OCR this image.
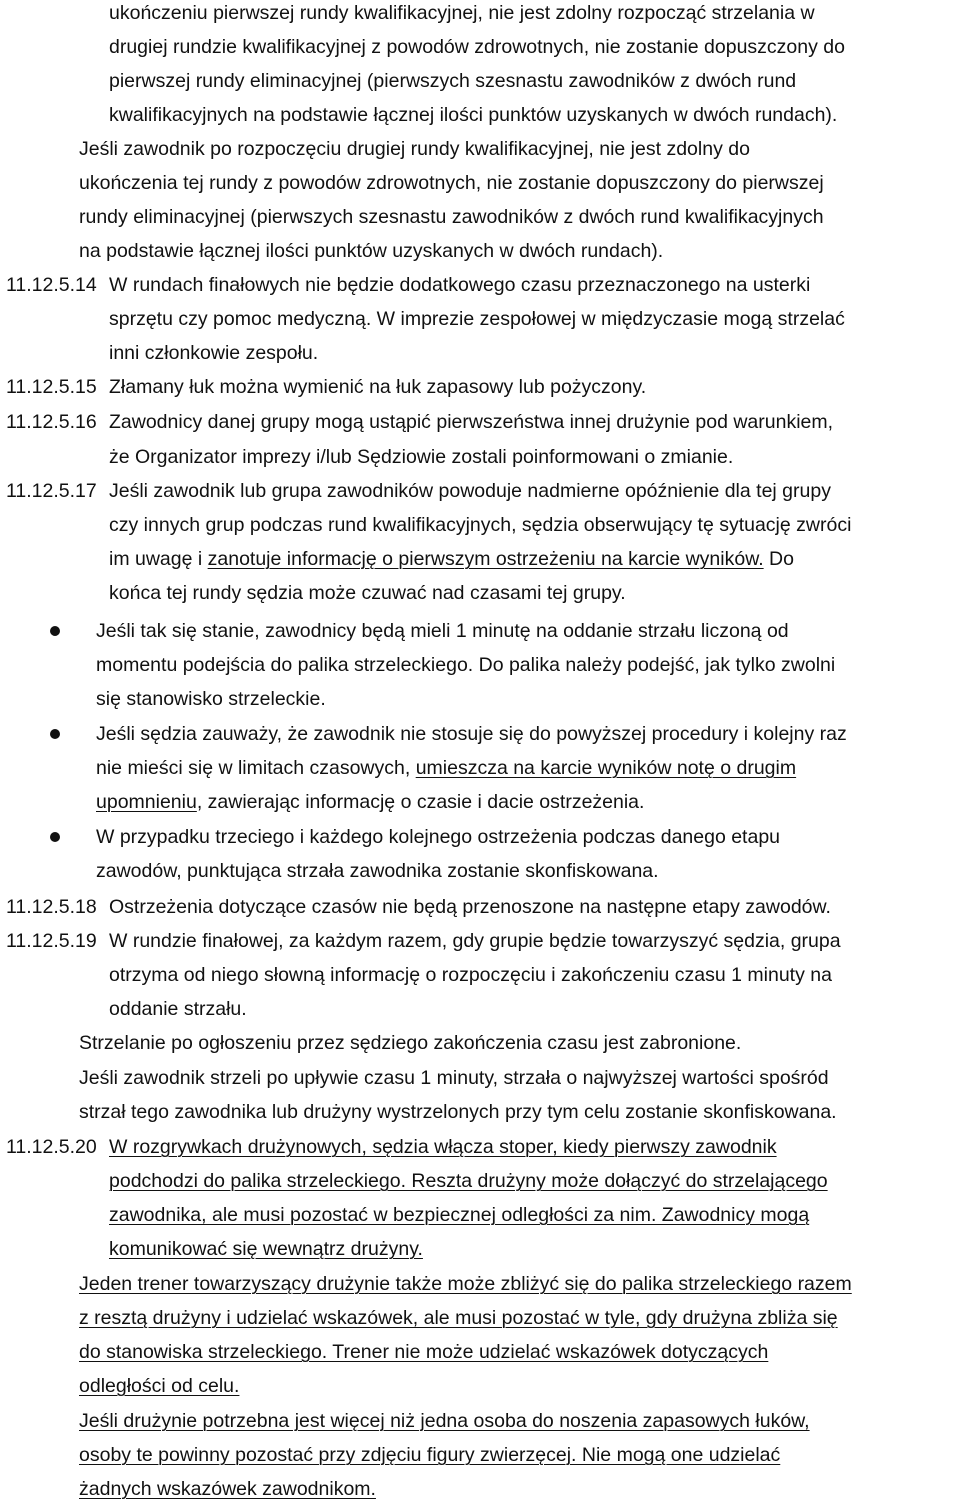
ukończeniu pierwszej rundy kwalifikacyjnej, nie jest zdolny rozpocząć strzelania w
drugiej rundzie kwalifikacyjnej z powodów zdrowotnych, nie zostanie dopuszczony do
pierwszej rundy eliminacyjnej (pierwszych szesnastu zawodników z dwóch rund
kwalifikacyjnych na podstawie łącznej ilości punktów uzyskanych w dwóch rundach).
Jeśli zawodnik po rozpoczęciu drugiej rundy kwalifikacyjnej, nie jest zdolny do
ukończenia tej rundy z powodów zdrowotnych, nie zostanie dopuszczony do pierwszej
rundy eliminacyjnej (pierwszych szesnastu zawodników z dwóch rund kwalifikacyjnych
na podstawie łącznej ilości punktów uzyskanych w dwóch rundach).
11.12.5.14 W rundach finałowych nie będzie dodatkowego czasu przeznaczonego na usterki
sprzętu czy pomoc medyczną. W imprezie zespołowej w międzyczasie mogą strzelać
inni członkowie zespołu.
11.12.5.15 Złamany łuk można wymienić na łuk zapasowy lub pożyczony.
11.12.5.16 Zawodnicy danej grupy mogą ustąpić pierwszeństwa innej drużynie pod warunkiem,
że Organizator imprezy i/lub Sędziowie zostali poinformowani o zmianie.
11.12.5.17 Jeśli zawodnik lub grupa zawodników powoduje nadmierne opóźnienie dla tej grupy
czy innych grup podczas rund kwalifikacyjnych, sędzia obserwujący tę sytuację zwróci
im uwagę i zanotuje informację o pierwszym ostrzeżeniu na karcie wyników. Do
końca tej rundy sędzia może czuwać nad czasami tej grupy.
Jeśli tak się stanie, zawodnicy będą mieli 1 minutę na oddanie strzału liczoną od
momentu podejścia do palika strzeleckiego. Do palika należy podejść, jak tylko zwolni
się stanowisko strzeleckie.
Jeśli sędzia zauważy, że zawodnik nie stosuje się do powyższej procedury i kolejny raz
nie mieści się w limitach czasowych, umieszcza na karcie wyników notę o drugim
upomnieniu, zawierając informację o czasie i dacie ostrzeżenia.
W przypadku trzeciego i każdego kolejnego ostrzeżenia podczas danego etapu
zawodów, punktująca strzała zawodnika zostanie skonfiskowana.
11.12.5.18 Ostrzeżenia dotyczące czasów nie będą przenoszone na następne etapy zawodów.
11.12.5.19 W rundzie finałowej, za każdym razem, gdy grupie będzie towarzyszyć sędzia, grupa
otrzyma od niego słowną informację o rozpoczęciu i zakończeniu czasu 1 minuty na
oddanie strzału.
Strzelanie po ogłoszeniu przez sędziego zakończenia czasu jest zabronione.
Jeśli zawodnik strzeli po upływie czasu 1 minuty, strzała o najwyższej wartości spośród
strzał tego zawodnika lub drużyny wystrzelonych przy tym celu zostanie skonfiskowana.
11.12.5.20 W rozgrywkach drużynowych, sędzia włącza stoper, kiedy pierwszy zawodnik
podchodzi do palika strzeleckiego. Reszta drużyny może dołączyć do strzelającego
zawodnika, ale musi pozostać w bezpiecznej odległości za nim. Zawodnicy mogą
komunikować się wewnątrz drużyny.
Jeden trener towarzyszący drużynie także może zbliżyć się do palika strzeleckiego razem
z resztą drużyny i udzielać wskazówek, ale musi pozostać w tyle, gdy drużyna zbliża się
do stanowiska strzeleckiego. Trener nie może udzielać wskazówek dotyczących
odległości od celu.
Jeśli drużynie potrzebna jest więcej niż jedna osoba do noszenia zapasowych łuków,
osoby te powinny pozostać przy zdjęciu figury zwierzęcej. Nie mogą one udzielać
żadnych wskazówek zawodnikom.
